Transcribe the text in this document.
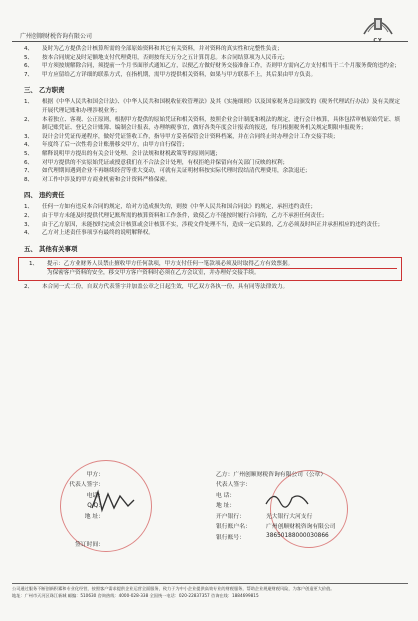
广州创顺财税咨询有限公司
CY
4、	及时为乙方提供会计核算所需的全部原始资料和其它有关资料，并对资料的真实性和完整性负责；
5、	按本合同规定及时足额地支付代理费用，否则按每天万分之五计算罚息。本合同结算项为人民币元；
6、	甲方须按规解除合同，须提前一个月书面形式通知乙方，以便乙方做好财务交接准备工作，否则甲方需向乙方支付相当于二个月服务费的违约金；
7、	甲方应留给乙方详细的联系方式，在指机期，需甲方提供相关资料，如果与甲方联系不上，其后果由甲方负责。
三、 乙方职责
1、	根据《中华人民共和国会计法》、《中华人民共和国税收征收管理法》及其《实施细则》以及国家税务总局颁发的《税务代理试行办法》及有关规定开展代理记账和办理涉税业务；
2、	本着独立、客观、公正原则，根据甲方提供的原始凭证和相关资料，按照企业会计制度和税法的规定，进行会计核算，具体包括审核原始凭证、填制记账凭证、登记会计账簿、编制会计报表，办理纳税事宜，做好各类年度会计报表的报送，每月根据税务机关规定期限申报税务；
3、	设计会计凭证传递程序，做好凭证签收工作，指导甲方妥善保管会计资料档案，并在合同终止时办理会计工作交接手续；
4、	年度终了后一次性将会计账册移交甲方，由甲方自行保管；
5、	解释说明甲方提出的有关会计处理、会计法规和财税政策等的原则问题；
6、	对甲方提供的不实原始凭证或授意我们在不合法会计处理，有权拒绝并保留向有关部门反映的权利；
7、	如代理期间遇到企业不再继续经营等重大变动，可就有关证明材料按实际代理时段结清代理费用，余款退还；
8、	对工作中涉及的甲方商业机密和会计资料严格保密。
四、 违约责任
1、	任何一方如有违反本合同的规定，给对方造成损失的，则按《中华人民共和国合同法》的规定，承担违约责任；
2、	由于甲方未能及时提供代理记账所需的核算资料和工作条件，致使乙方不能按时履行合同的，乙方不承担任何责任；
3、	由于乙方原因，未能按时完成会计核算或会计核算不实，涉税文件处理不当，造成一定后果的，乙方必须及时纠正并承担相应的违约责任；
4、	乙方对上述责任事项享有最终的说明解释权。
五、 其他有关事项
1、	提示：乙方业财务人员禁止擅收甲方任何款项，甲方支付任何一笔款项必须及时取得乙方有效票据。
为保密客户资料的安全，移交甲方客户资料时必须在乙方会议室，并办理好交接手续。
2、	本合同一式二份，自双方代表签字并加盖公章之日起生效，甲乙双方各执一份，具有同等法律效力。
甲方：
代表人签字：
电话：
Q Q：
地 址：
签订时间：
乙方：广州创顺财税咨询有限公司（公章）
代表人签字：
电 话：
地 址：
开户银行：	光大银行大河支行
银行账户名：	广州创顺财税咨询有限公司
银行账号：	38650188000030866
公司通过服务不断创新积累和专业化经营，按照客户需求提供企业运营全面服务，致力于为中小企业提供高效专业的财税服务，帮助企业规避财税风险，为客户创造更大价值。
地址：广州市天河区珠江新城 邮编：510630 咨询热线：4000-028-338 全国统一电话：020-22837357 咨询在线：1884699815
